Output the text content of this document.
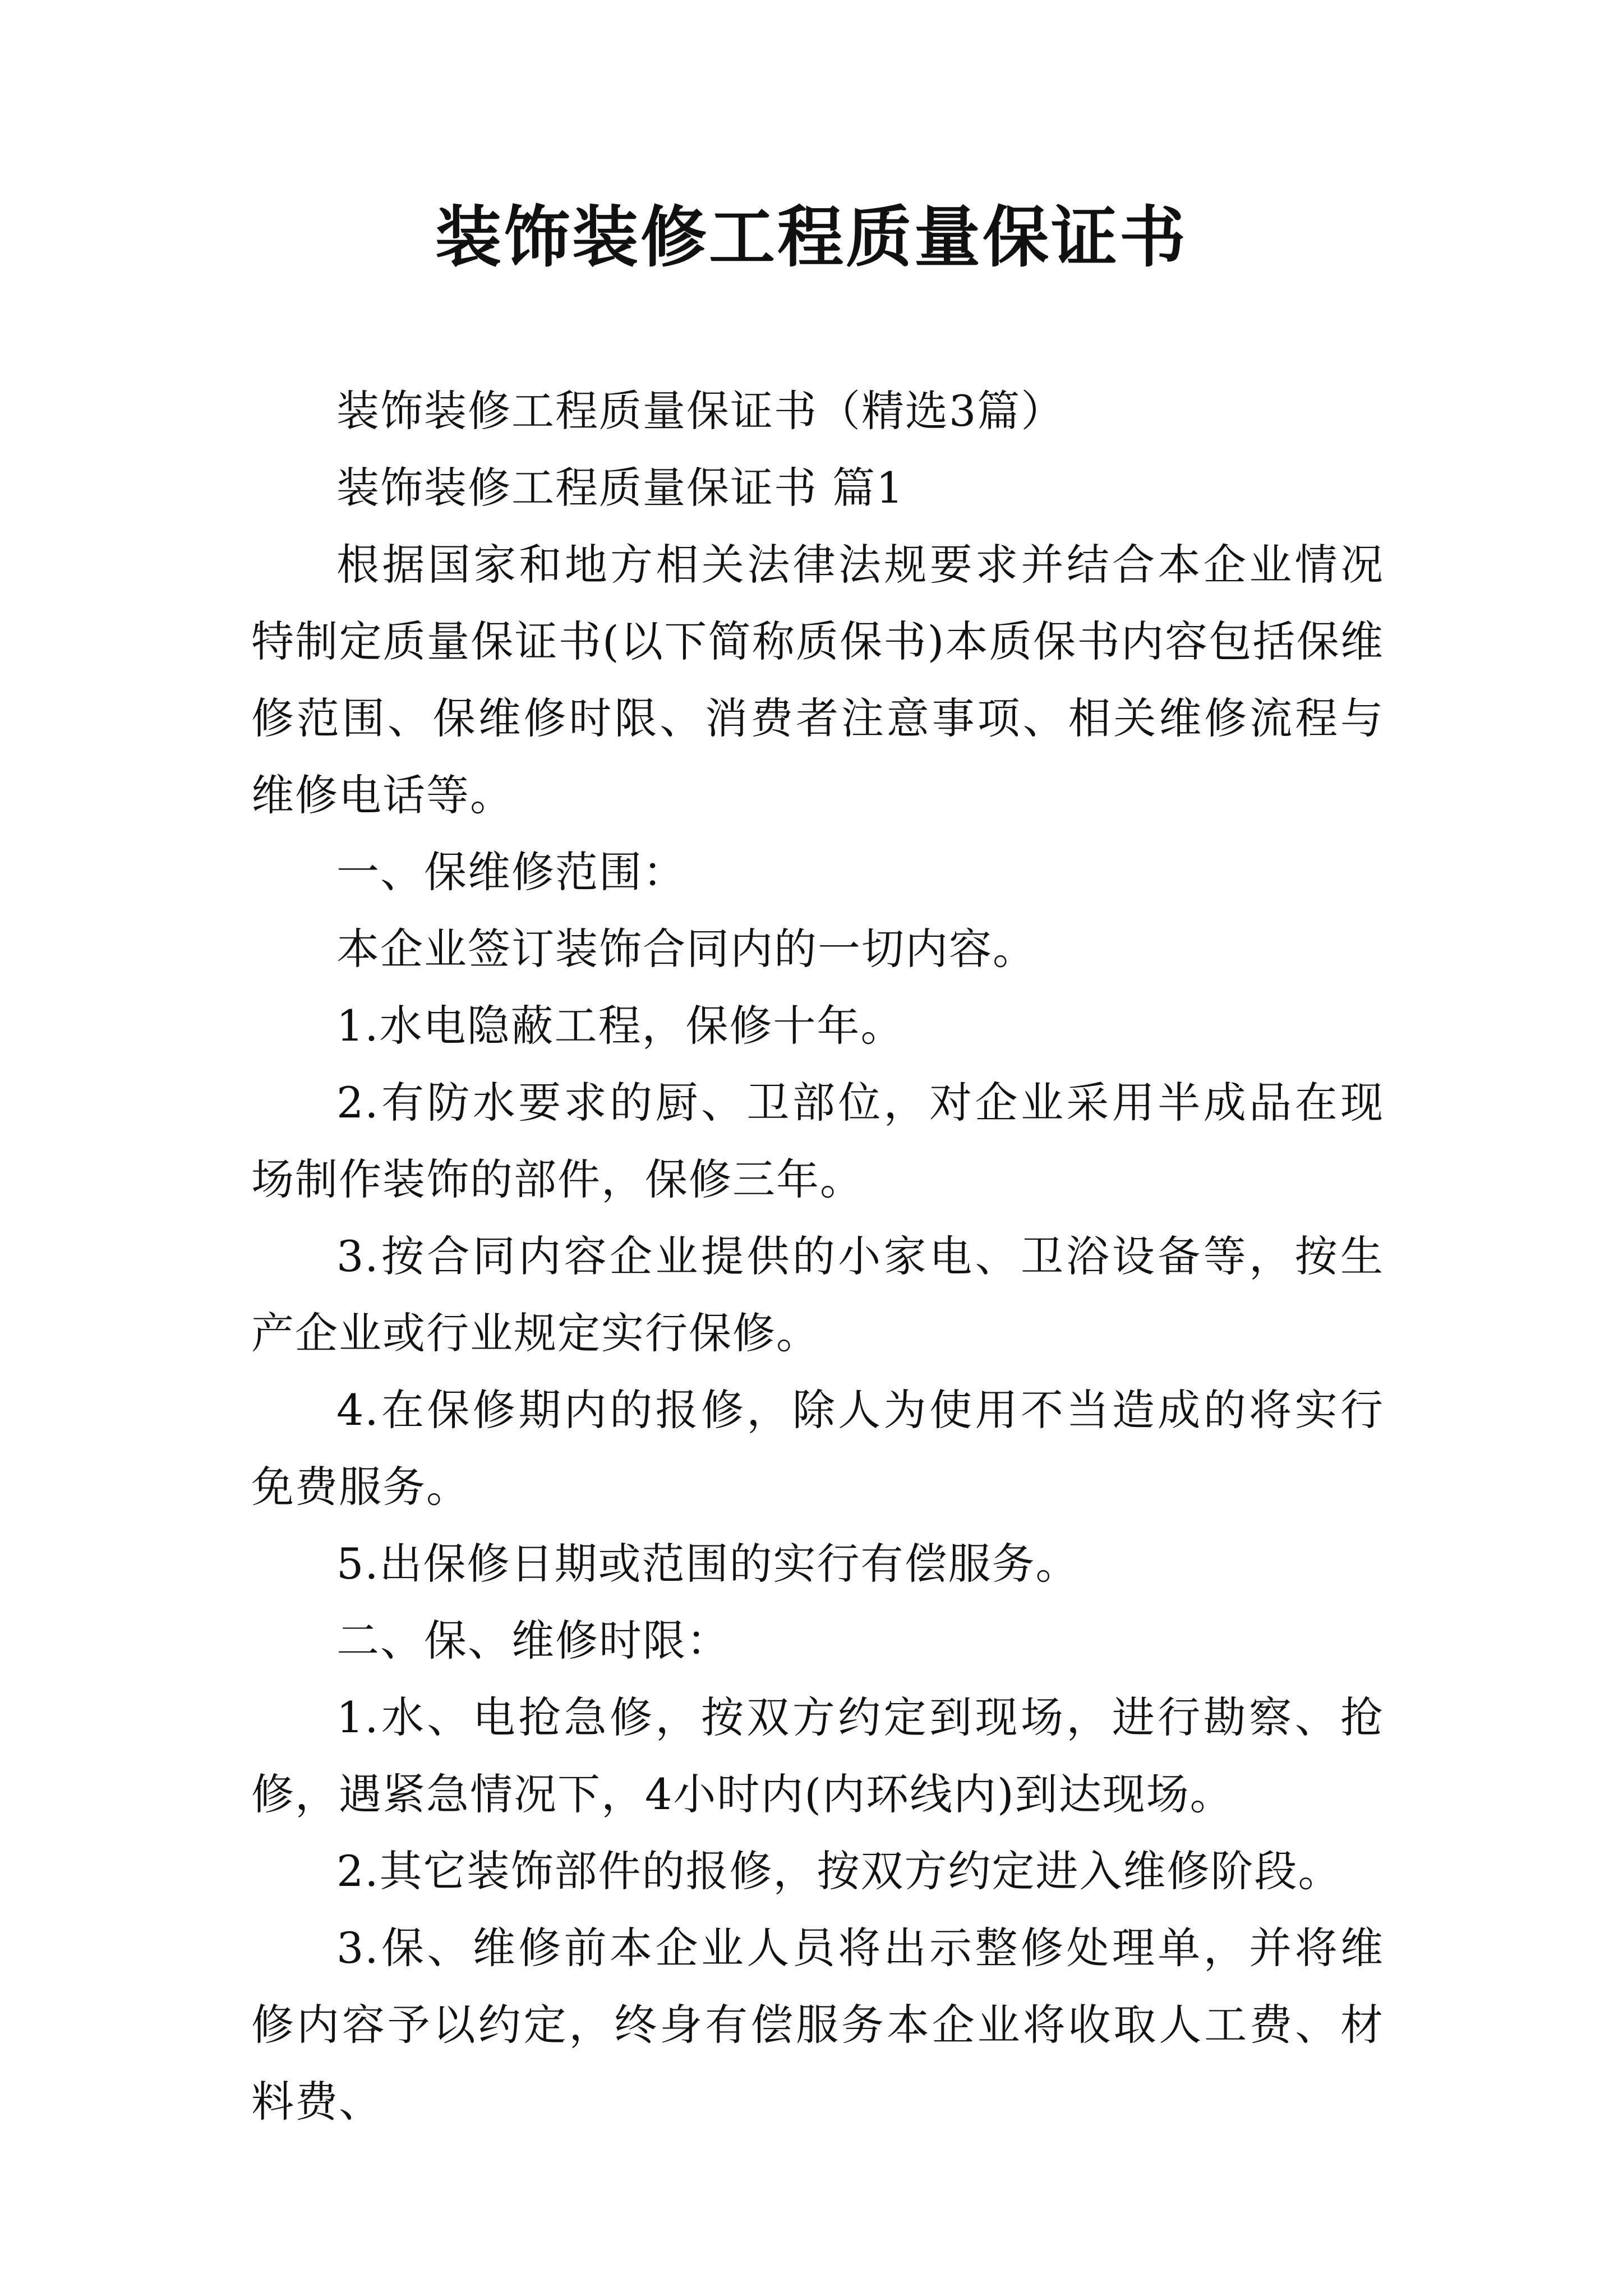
装饰装修工程质量保证书

装饰装修工程质量保证书（精选3篇）

装饰装修工程质量保证书 篇1

根据国家和地方相关法律法规要求并结合本企业情况特制定质量保证书(以下简称质保书)本质保书内容包括保维修范围、保维修时限、消费者注意事项、相关维修流程与维修电话等。

一、保维修范围：

本企业签订装饰合同内的一切内容。

1.水电隐蔽工程，保修十年。

2.有防水要求的厨、卫部位，对企业采用半成品在现场制作装饰的部件，保修三年。

3.按合同内容企业提供的小家电、卫浴设备等，按生产企业或行业规定实行保修。

4.在保修期内的报修，除人为使用不当造成的将实行免费服务。

5.出保修日期或范围的实行有偿服务。

二、保、维修时限：

1.水、电抢急修，按双方约定到现场，进行勘察、抢修，遇紧急情况下，4小时内(内环线内)到达现场。

2.其它装饰部件的报修，按双方约定进入维修阶段。

3.保、维修前本企业人员将出示整修处理单，并将维修内容予以约定，终身有偿服务本企业将收取人工费、材料费、
